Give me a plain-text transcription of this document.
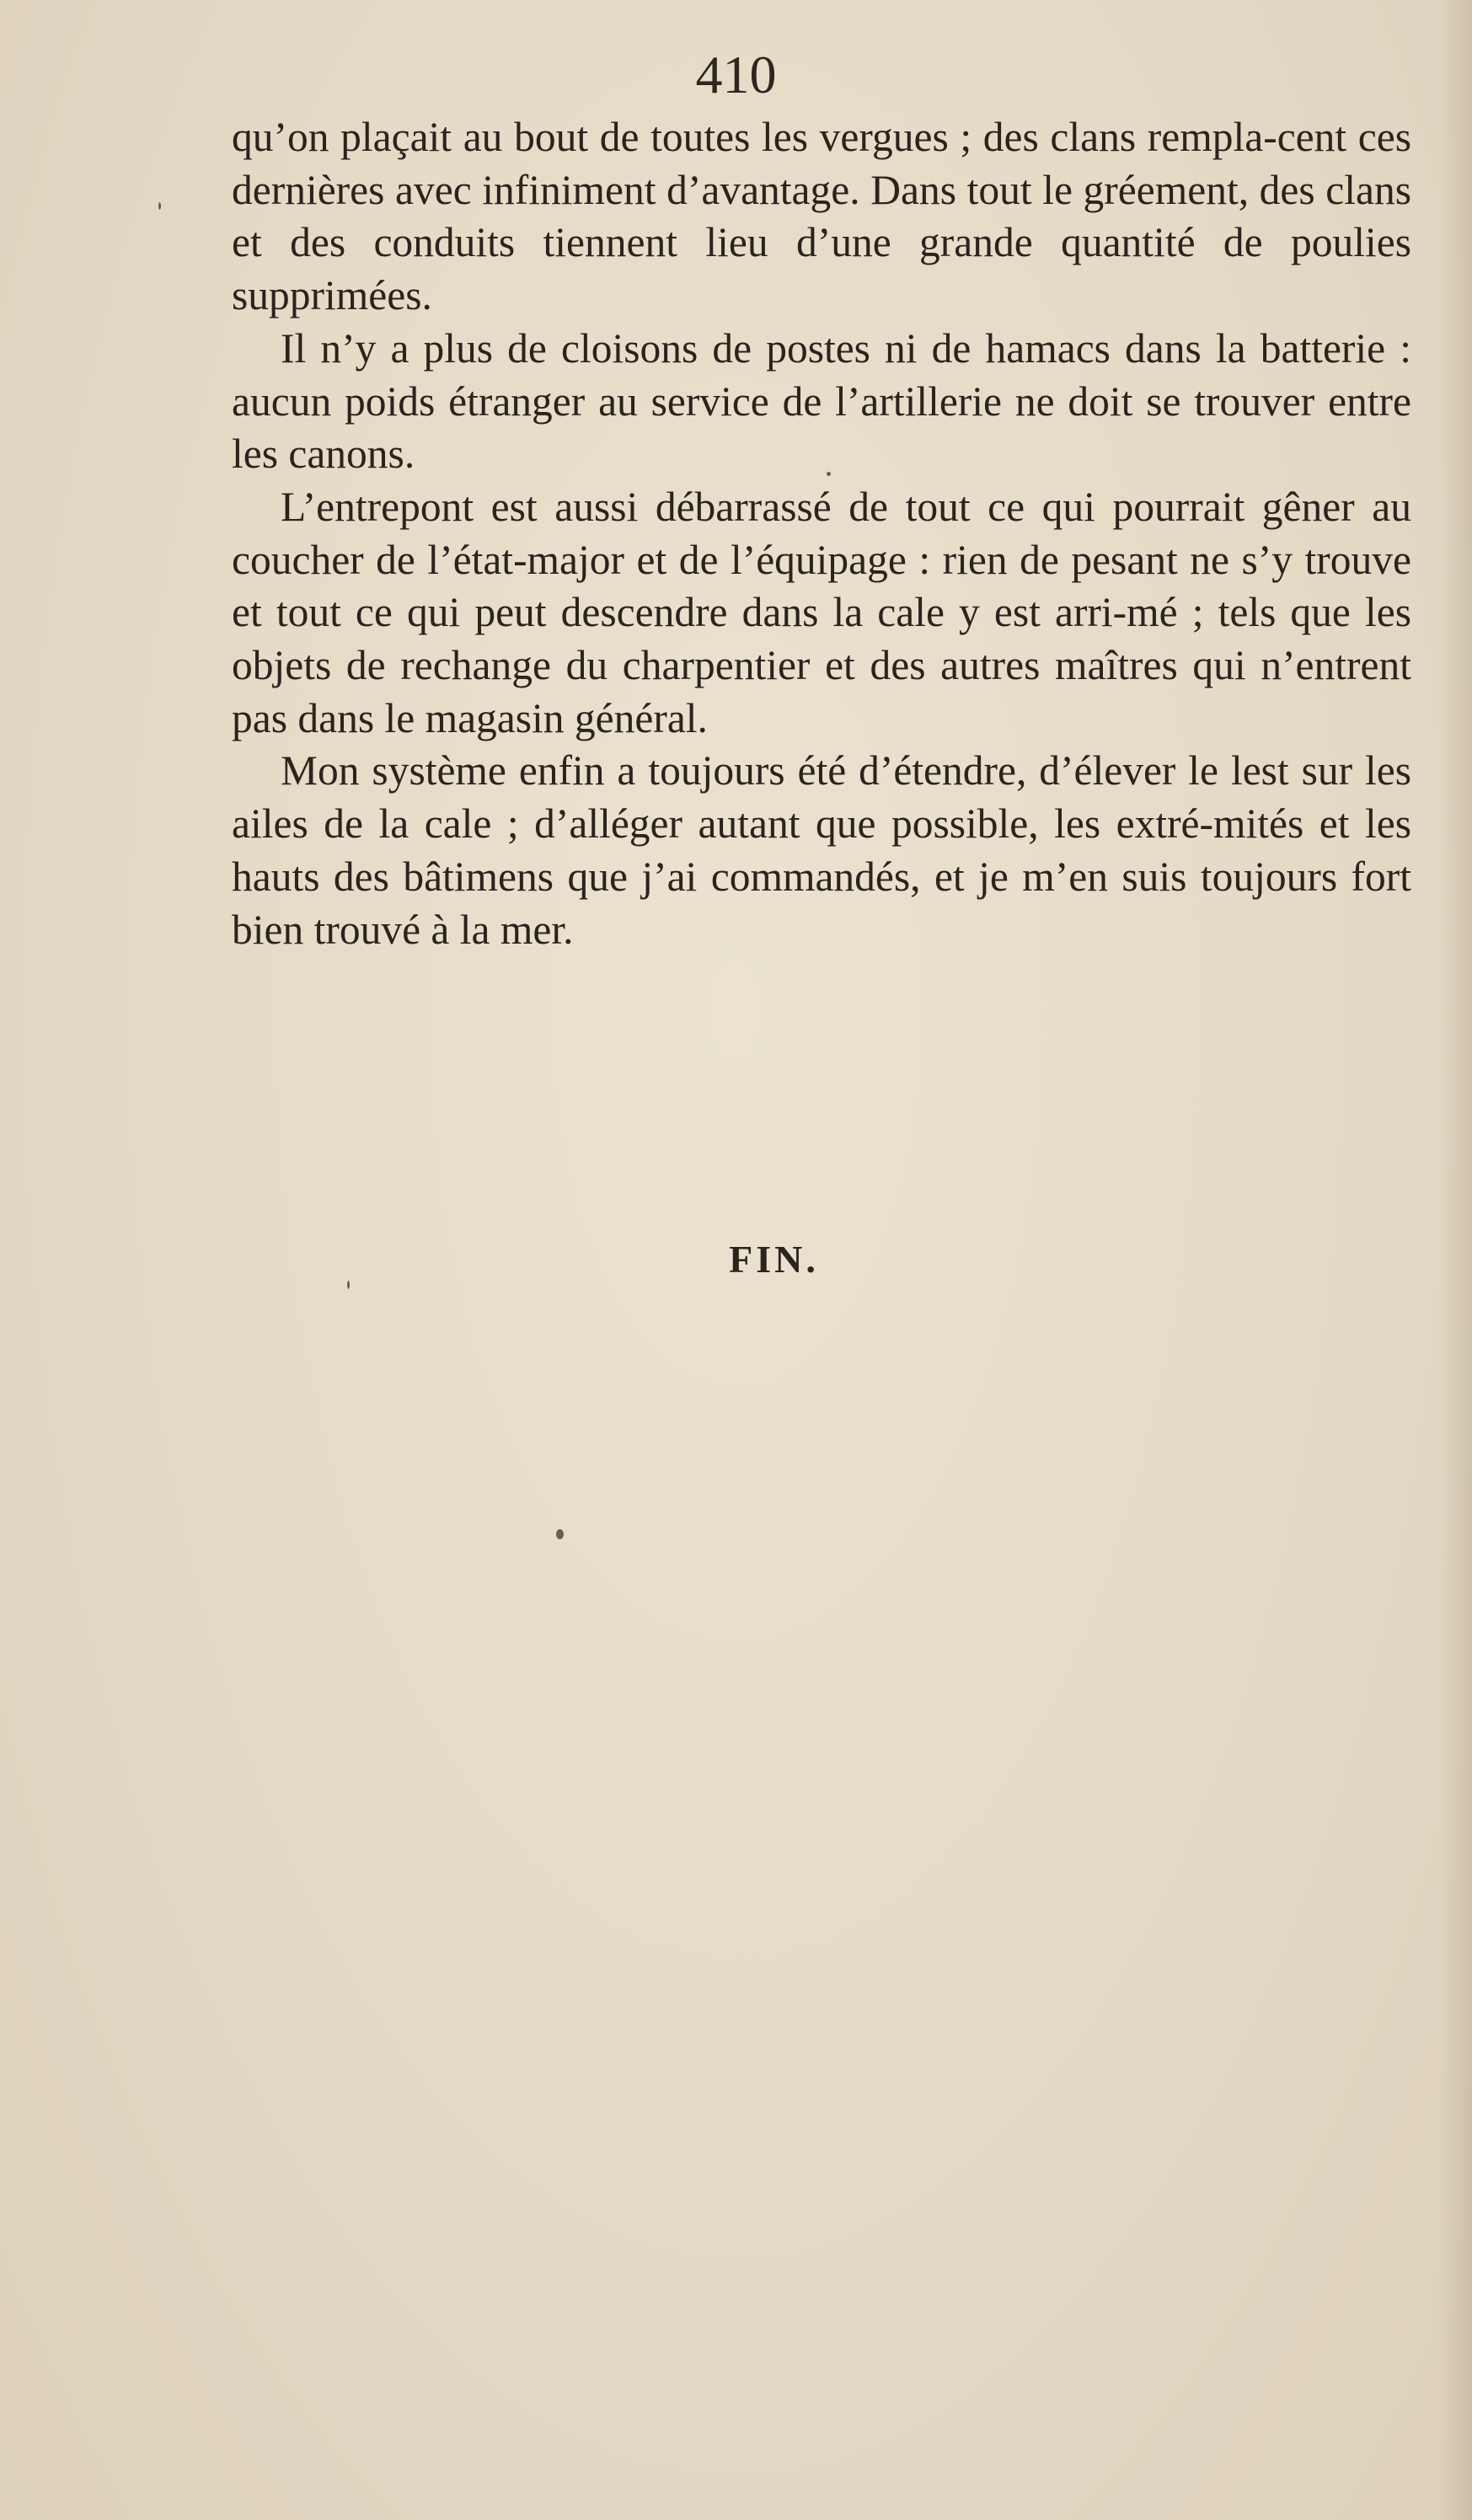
410

qu’on plaçait au bout de toutes les vergues ; des clans rempla-cent ces dernières avec infiniment d’avantage. Dans tout le gréement, des clans et des conduits tiennent lieu d’une grande quantité de poulies supprimées.

Il n’y a plus de cloisons de postes ni de hamacs dans la batterie : aucun poids étranger au service de l’artillerie ne doit se trouver entre les canons.

L’entrepont est aussi débarrassé de tout ce qui pourrait gêner au coucher de l’état-major et de l’équipage : rien de pesant ne s’y trouve et tout ce qui peut descendre dans la cale y est arri-mé ; tels que les objets de rechange du charpentier et des autres maîtres qui n’entrent pas dans le magasin général.

Mon système enfin a toujours été d’étendre, d’élever le lest sur les ailes de la cale ; d’alléger autant que possible, les extré-mités et les hauts des bâtimens que j’ai commandés, et je m’en suis toujours fort bien trouvé à la mer.

FIN.
